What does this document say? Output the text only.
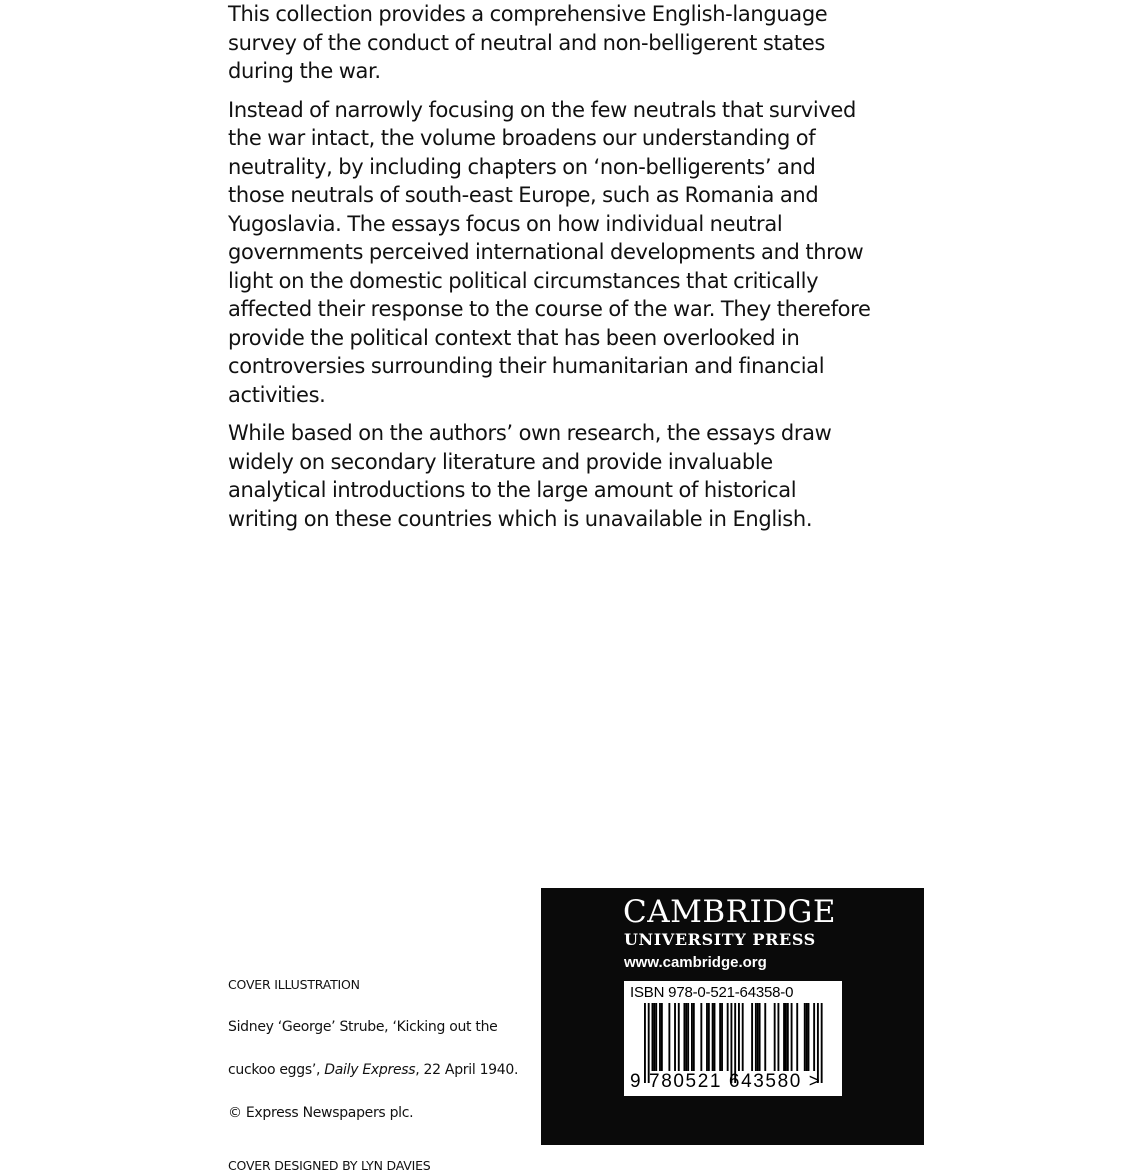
This collection provides a comprehensive English-language
survey of the conduct of neutral and non-belligerent states
during the war.

Instead of narrowly focusing on the few neutrals that survived
the war intact, the volume broadens our understanding of
neutrality, by including chapters on ‘non-belligerents’ and
those neutrals of south-east Europe, such as Romania and
Yugoslavia. The essays focus on how individual neutral
governments perceived international developments and throw
light on the domestic political circumstances that critically
affected their response to the course of the war. They therefore
provide the political context that has been overlooked in
controversies surrounding their humanitarian and financial
activities.

While based on the authors’ own research, the essays draw
widely on secondary literature and provide invaluable
analytical introductions to the large amount of historical
writing on these countries which is unavailable in English.

COVER ILLUSTRATION

Sidney ‘George’ Strube, ‘Kicking out the

cuckoo eggs’, Daily Express, 22 April 1940.

© Express Newspapers plc.

COVER DESIGNED BY LYN DAVIES
CAMBRIDGE
UNIVERSITY PRESS
www.cambridge.org
ISBN 978-0-521-64358-0
9 780521 643580 >
